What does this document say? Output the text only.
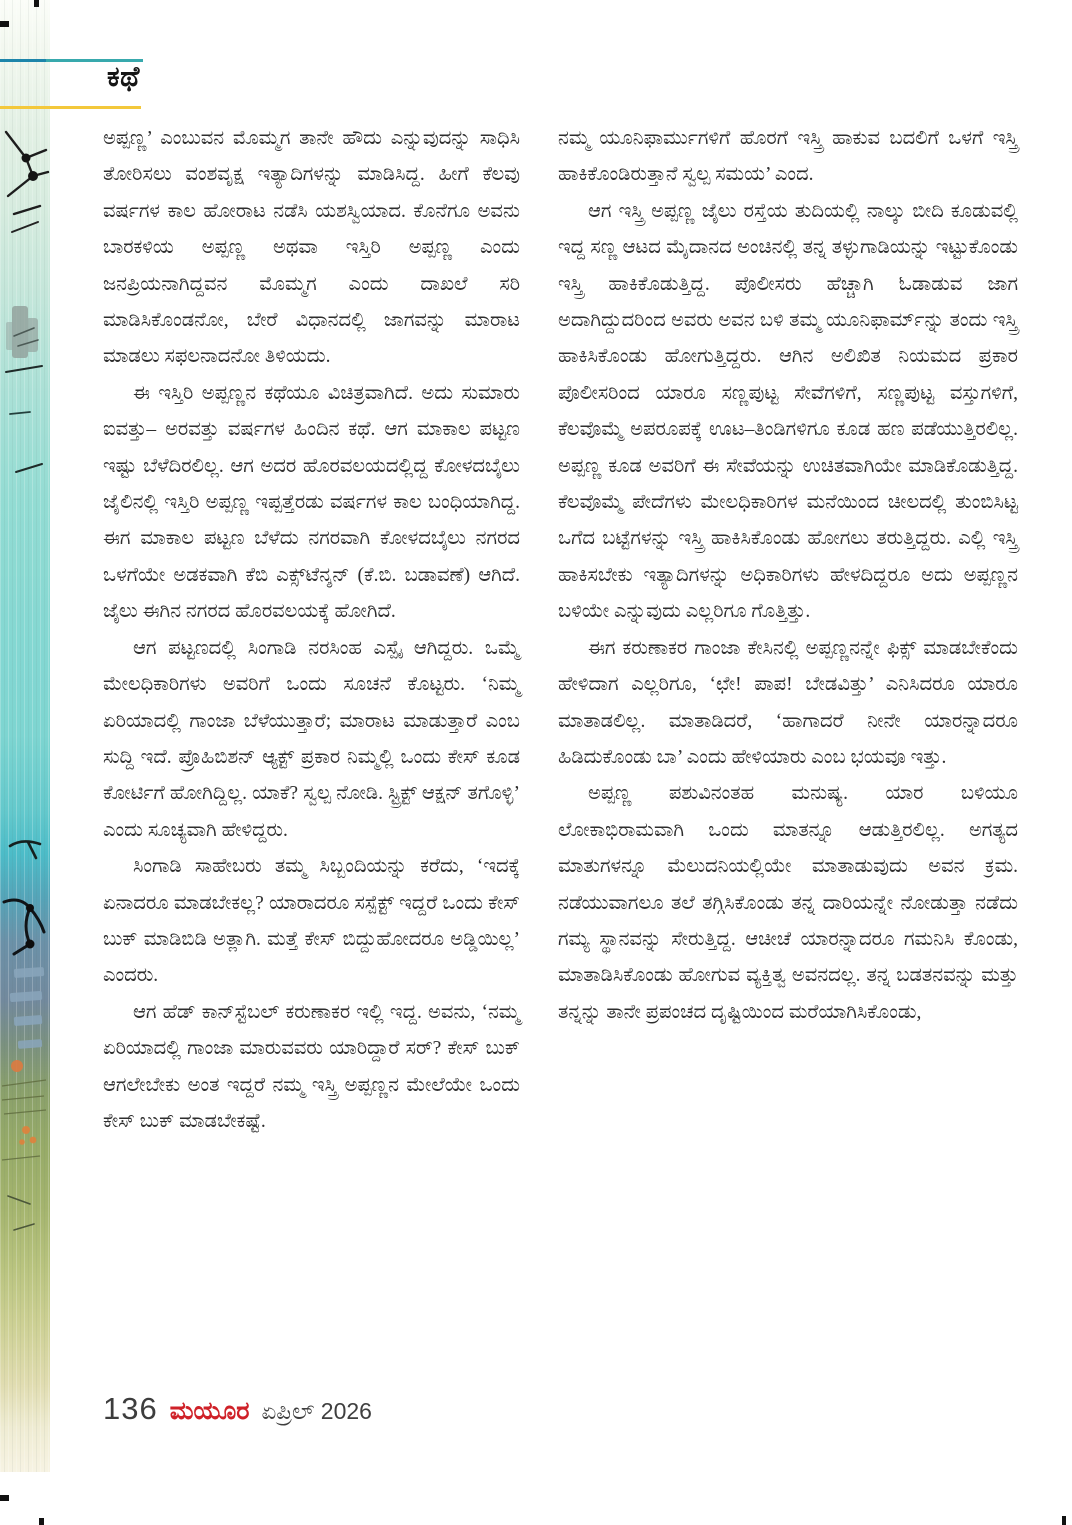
ಕಥೆ

ಅಪ್ಪಣ್ಣ’ ಎಂಬುವನ ಮೊಮ್ಮಗ ತಾನೇ ಹೌದು ಎನ್ನುವುದನ್ನು ಸಾಧಿಸಿ ತೋರಿಸಲು ವಂಶವೃಕ್ಷ ಇತ್ಯಾದಿಗಳನ್ನು ಮಾಡಿಸಿದ್ದ. ಹೀಗೆ ಕೆಲವು ವರ್ಷಗಳ ಕಾಲ ಹೋರಾಟ ನಡೆಸಿ ಯಶಸ್ವಿಯಾದ. ಕೊನೆಗೂ ಅವನು ಬಾರಕಳಿಯ ಅಪ್ಪಣ್ಣ ಅಥವಾ ಇಸ್ತಿರಿ ಅಪ್ಪಣ್ಣ ಎಂದು ಜನಪ್ರಿಯನಾಗಿದ್ದವನ ಮೊಮ್ಮಗ ಎಂದು ದಾಖಲೆ ಸರಿ ಮಾಡಿಸಿಕೊಂಡನೋ, ಬೇರೆ ವಿಧಾನದಲ್ಲಿ ಜಾಗವನ್ನು ಮಾರಾಟ ಮಾಡಲು ಸಫಲನಾದನೋ ತಿಳಿಯದು.

ಈ ಇಸ್ತಿರಿ ಅಪ್ಪಣ್ಣನ ಕಥೆಯೂ ವಿಚಿತ್ರವಾಗಿದೆ. ಅದು ಸುಮಾರು ಐವತ್ತು– ಅರವತ್ತು ವರ್ಷಗಳ ಹಿಂದಿನ ಕಥೆ. ಆಗ ಮಾಕಾಲ ಪಟ್ಟಣ ಇಷ್ಟು ಬೆಳೆದಿರಲಿಲ್ಲ. ಆಗ ಅದರ ಹೊರವಲಯದಲ್ಲಿದ್ದ ಕೋಳದಬೈಲು ಜೈಲಿನಲ್ಲಿ ಇಸ್ತಿರಿ ಅಪ್ಪಣ್ಣ ಇಪ್ಪತ್ತೆರಡು ವರ್ಷಗಳ ಕಾಲ ಬಂಧಿಯಾಗಿದ್ದ. ಈಗ ಮಾಕಾಲ ಪಟ್ಟಣ ಬೆಳೆದು ನಗರವಾಗಿ ಕೋಳದಬೈಲು ನಗರದ ಒಳಗೆಯೇ ಅಡಕವಾಗಿ ಕೆಬಿ ಎಕ್ಸ್‌ಟೆನ್ಶನ್ (ಕೆ.ಬಿ. ಬಡಾವಣೆ) ಆಗಿದೆ. ಜೈಲು ಈಗಿನ ನಗರದ ಹೊರವಲಯಕ್ಕೆ ಹೋಗಿದೆ.

ಆಗ ಪಟ್ಟಣದಲ್ಲಿ ಸಿಂಗಾಡಿ ನರಸಿಂಹ ಎಸ್ಪೈ ಆಗಿದ್ದರು. ಒಮ್ಮೆ ಮೇಲಧಿಕಾರಿಗಳು ಅವರಿಗೆ ಒಂದು ಸೂಚನೆ ಕೊಟ್ಟರು. ‘ನಿಮ್ಮ ಏರಿಯಾದಲ್ಲಿ ಗಾಂಜಾ ಬೆಳೆಯುತ್ತಾರೆ; ಮಾರಾಟ ಮಾಡುತ್ತಾರೆ ಎಂಬ ಸುದ್ದಿ ಇದೆ. ಪ್ರೊಹಿಬಿಶನ್ ಆ್ಯಕ್ಟ್ ಪ್ರಕಾರ ನಿಮ್ಮಲ್ಲಿ ಒಂದು ಕೇಸ್ ಕೂಡ ಕೋರ್ಟಿಗೆ ಹೋಗಿದ್ದಿಲ್ಲ. ಯಾಕೆ? ಸ್ವಲ್ಪ ನೋಡಿ. ಸ್ಟ್ರಿಕ್ಟ್ ಆಕ್ಷನ್ ತಗೊಳ್ಳಿ’ ಎಂದು ಸೂಚ್ಯವಾಗಿ ಹೇಳಿದ್ದರು.

ಸಿಂಗಾಡಿ ಸಾಹೇಬರು ತಮ್ಮ ಸಿಬ್ಬಂದಿಯನ್ನು ಕರೆದು, ‘ಇದಕ್ಕೆ ಏನಾದರೂ ಮಾಡಬೇಕಲ್ಲ? ಯಾರಾದರೂ ಸಸ್ಪೆಕ್ಟ್ ಇದ್ದರೆ ಒಂದು ಕೇಸ್ ಬುಕ್ ಮಾಡಿಬಿಡಿ ಅತ್ಲಾಗಿ. ಮತ್ತೆ ಕೇಸ್ ಬಿದ್ದುಹೋದರೂ ಅಡ್ಡಿಯಿಲ್ಲ’ ಎಂದರು.

ಆಗ ಹೆಡ್ ಕಾನ್‌ಸ್ಟೆಬಲ್ ಕರುಣಾಕರ ಇಲ್ಲಿ ಇದ್ದ. ಅವನು, ‘ನಮ್ಮ ಏರಿಯಾದಲ್ಲಿ ಗಾಂಜಾ ಮಾರುವವರು ಯಾರಿದ್ದಾರೆ ಸರ್? ಕೇಸ್ ಬುಕ್ ಆಗಲೇಬೇಕು ಅಂತ ಇದ್ದರೆ ನಮ್ಮ ಇಸ್ತ್ರಿ ಅಪ್ಪಣ್ಣನ ಮೇಲೆಯೇ ಒಂದು ಕೇಸ್ ಬುಕ್ ಮಾಡಬೇಕಷ್ಟೆ.

ನಮ್ಮ ಯೂನಿಫಾರ್ಮುಗಳಿಗೆ ಹೊರಗೆ ಇಸ್ತ್ರಿ ಹಾಕುವ ಬದಲಿಗೆ ಒಳಗೆ ಇಸ್ತ್ರಿ ಹಾಕಿಕೊಂಡಿರುತ್ತಾನೆ ಸ್ವಲ್ಪ ಸಮಯ’ ಎಂದ.

ಆಗ ಇಸ್ತ್ರಿ ಅಪ್ಪಣ್ಣ ಜೈಲು ರಸ್ತೆಯ ತುದಿಯಲ್ಲಿ ನಾಲ್ಕು ಬೀದಿ ಕೂಡುವಲ್ಲಿ ಇದ್ದ ಸಣ್ಣ ಆಟದ ಮೈದಾನದ ಅಂಚಿನಲ್ಲಿ ತನ್ನ ತಳ್ಳುಗಾಡಿಯನ್ನು ಇಟ್ಟುಕೊಂಡು ಇಸ್ತ್ರಿ ಹಾಕಿಕೊಡುತ್ತಿದ್ದ. ಪೊಲೀಸರು ಹೆಚ್ಚಾಗಿ ಓಡಾಡುವ ಜಾಗ ಅದಾಗಿದ್ದುದರಿಂದ ಅವರು ಅವನ ಬಳಿ ತಮ್ಮ ಯೂನಿಫಾರ್ಮ್‌ನ್ನು ತಂದು ಇಸ್ತ್ರಿ ಹಾಕಿಸಿಕೊಂಡು ಹೋಗುತ್ತಿದ್ದರು. ಆಗಿನ ಅಲಿಖಿತ ನಿಯಮದ ಪ್ರಕಾರ ಪೊಲೀಸರಿಂದ ಯಾರೂ ಸಣ್ಣಪುಟ್ಟ ಸೇವೆಗಳಿಗೆ, ಸಣ್ಣಪುಟ್ಟ ವಸ್ತುಗಳಿಗೆ, ಕೆಲವೊಮ್ಮೆ ಅಪರೂಪಕ್ಕೆ ಊಟ–ತಿಂಡಿಗಳಿಗೂ ಕೂಡ ಹಣ ಪಡೆಯುತ್ತಿರಲಿಲ್ಲ. ಅಪ್ಪಣ್ಣ ಕೂಡ ಅವರಿಗೆ ಈ ಸೇವೆಯನ್ನು ಉಚಿತವಾಗಿಯೇ ಮಾಡಿಕೊಡುತ್ತಿದ್ದ. ಕೆಲವೊಮ್ಮೆ ಪೇದೆಗಳು ಮೇಲಧಿಕಾರಿಗಳ ಮನೆಯಿಂದ ಚೀಲದಲ್ಲಿ ತುಂಬಿಸಿಟ್ಟ ಒಗೆದ ಬಟ್ಟೆಗಳನ್ನು ಇಸ್ತ್ರಿ ಹಾಕಿಸಿಕೊಂಡು ಹೋಗಲು ತರುತ್ತಿದ್ದರು. ಎಲ್ಲಿ ಇಸ್ತ್ರಿ ಹಾಕಿಸಬೇಕು ಇತ್ಯಾದಿಗಳನ್ನು ಅಧಿಕಾರಿಗಳು ಹೇಳದಿದ್ದರೂ ಅದು ಅಪ್ಪಣ್ಣನ ಬಳಿಯೇ ಎನ್ನುವುದು ಎಲ್ಲರಿಗೂ ಗೊತ್ತಿತ್ತು.

ಈಗ ಕರುಣಾಕರ ಗಾಂಜಾ ಕೇಸಿನಲ್ಲಿ ಅಪ್ಪಣ್ಣನನ್ನೇ ಫಿಕ್ಸ್ ಮಾಡಬೇಕೆಂದು ಹೇಳಿದಾಗ ಎಲ್ಲರಿಗೂ, ‘ಛೇ! ಪಾಪ! ಬೇಡವಿತ್ತು’ ಎನಿಸಿದರೂ ಯಾರೂ ಮಾತಾಡಲಿಲ್ಲ. ಮಾತಾಡಿದರೆ, ‘ಹಾಗಾದರೆ ನೀನೇ ಯಾರನ್ನಾದರೂ ಹಿಡಿದುಕೊಂಡು ಬಾ’ ಎಂದು ಹೇಳಿಯಾರು ಎಂಬ ಭಯವೂ ಇತ್ತು.

ಅಪ್ಪಣ್ಣ ಪಶುವಿನಂತಹ ಮನುಷ್ಯ. ಯಾರ ಬಳಿಯೂ ಲೋಕಾಭಿರಾಮವಾಗಿ ಒಂದು ಮಾತನ್ನೂ ಆಡುತ್ತಿರಲಿಲ್ಲ. ಅಗತ್ಯದ ಮಾತುಗಳನ್ನೂ ಮೆಲುದನಿಯಲ್ಲಿಯೇ ಮಾತಾಡುವುದು ಅವನ ಕ್ರಮ. ನಡೆಯುವಾಗಲೂ ತಲೆ ತಗ್ಗಿಸಿಕೊಂಡು ತನ್ನ ದಾರಿಯನ್ನೇ ನೋಡುತ್ತಾ ನಡೆದು ಗಮ್ಯ ಸ್ಥಾನವನ್ನು ಸೇರುತ್ತಿದ್ದ. ಆಚೀಚೆ ಯಾರನ್ನಾದರೂ ಗಮನಿಸಿ ಕೊಂಡು, ಮಾತಾಡಿಸಿಕೊಂಡು ಹೋಗುವ ವ್ಯಕ್ತಿತ್ವ ಅವನದಲ್ಲ. ತನ್ನ ಬಡತನವನ್ನು ಮತ್ತು ತನ್ನನ್ನು ತಾನೇ ಪ್ರಪಂಚದ ದೃಷ್ಟಿಯಿಂದ ಮರೆಯಾಗಿಸಿಕೊಂಡು,

136 ಮಯೂರ ಏಪ್ರಿಲ್ 2026
